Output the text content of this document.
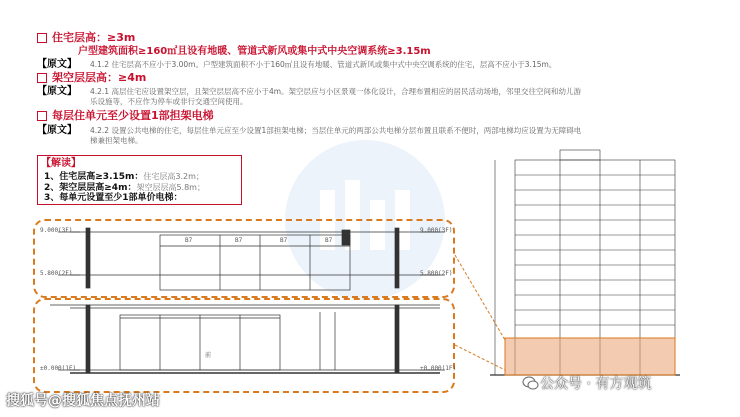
住宅层高：≥3m
户型建筑面积≥160㎡且设有地暖、管道式新风或集中式中央空调系统≥3.15m
【原文】 4.1.2 住宅层高不应小于3.00m。户型建筑面积不小于160㎡且设有地暖、管道式新风或集中式中央空调系统的住宅，层高不应小于3.15m。
架空层层高：≥4m
【原文】 4.2.1 高层住宅应设置架空层，且架空层层高不应小于4m。架空层应与小区景观一体化设计，合理布置相应的居民活动场地，邻里交往空间和幼儿游
乐设施等，不应作为停车或非行交通空间使用。
每层住单元至少设置1部担架电梯
【原文】 4.2.2 设置公共电梯的住宅，每层住单元应至少设置1部担架电梯；当层住单元的两部公共电梯分层布置且联系不便时，两部电梯均应设置为无障碍电
梯兼担架电梯。
【解读】
1、住宅层高≥3.15m：住宅层高3.2m；
2、架空层层高≥4m：架空层层高5.8m；
3、每单元设置至少1部单价电梯：
9.000(3F)	9.000(3F)
5.800(2F)	5.800(2F)
±0.000(1F)	±0.000(1F)
前
B7	B7	B7	B7
公众号 · 有方观筑
搜狐号@搜狐焦点抚州站
